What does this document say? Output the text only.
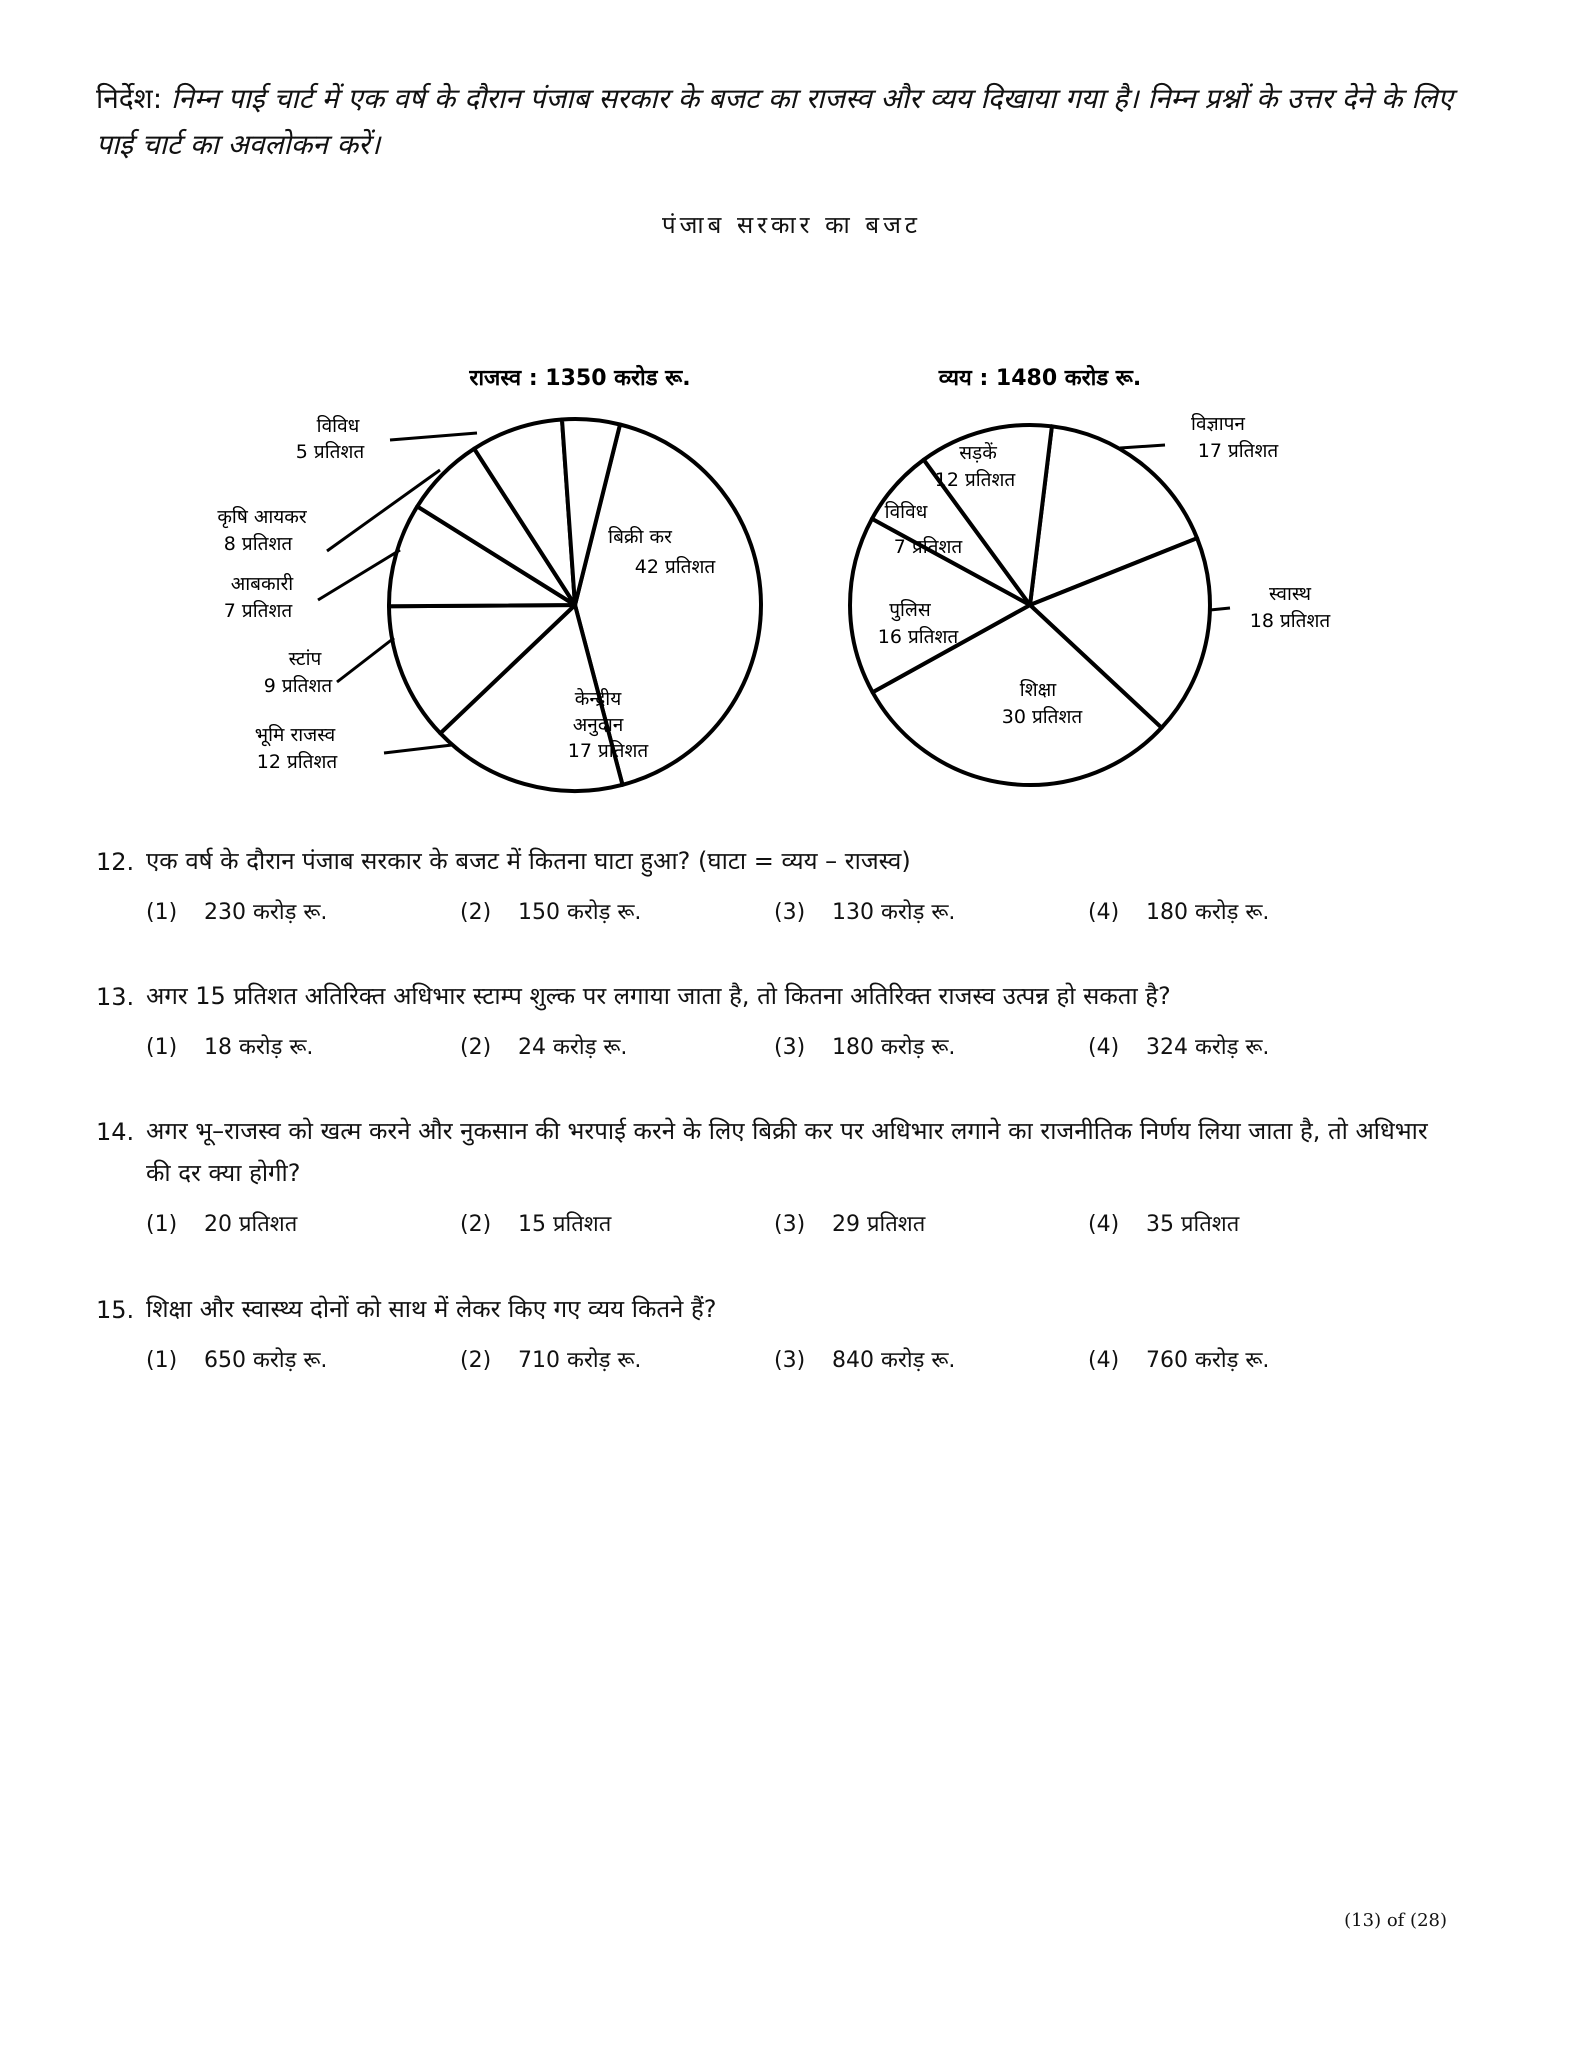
निर्देश: निम्न पाई चार्ट में एक वर्ष के दौरान पंजाब सरकार के बजट का राजस्व और व्यय दिखाया गया है। निम्न प्रश्नों के उत्तर देने के लिए पाई चार्ट का अवलोकन करें।
पंजाब सरकार का बजट
राजस्व : 1350 करोड रू.	व्यय : 1480 करोड रू.
बिक्री कर
42 प्रतिशत
केन्द्रीय
अनुदान
17 प्रतिशत
विविध
5 प्रतिशत
कृषि आयकर
8 प्रतिशत
आबकारी
7 प्रतिशत
स्टांप
9 प्रतिशत
भूमि राजस्व
12 प्रतिशत
विज्ञापन
17 प्रतिशत
स्वास्थ
18 प्रतिशत
शिक्षा
30 प्रतिशत
पुलिस
16 प्रतिशत
विविध
7 प्रतिशत
सड़कें
12 प्रतिशत
12. एक वर्ष के दौरान पंजाब सरकार के बजट में कितना घाटा हुआ? (घाटा = व्यय – राजस्व)
(1) 230 करोड़ रू.	(2) 150 करोड़ रू.	(3) 130 करोड़ रू.	(4) 180 करोड़ रू.
13. अगर 15 प्रतिशत अतिरिक्त अधिभार स्टाम्प शुल्क पर लगाया जाता है, तो कितना अतिरिक्त राजस्व उत्पन्न हो सकता है?
(1) 18 करोड़ रू.	(2) 24 करोड़ रू.	(3) 180 करोड़ रू.	(4) 324 करोड़ रू.
14. अगर भू–राजस्व को खत्म करने और नुकसान की भरपाई करने के लिए बिक्री कर पर अधिभार लगाने का राजनीतिक निर्णय लिया जाता है, तो अधिभार की दर क्या होगी?
(1) 20 प्रतिशत	(2) 15 प्रतिशत	(3) 29 प्रतिशत	(4) 35 प्रतिशत
15. शिक्षा और स्वास्थ्य दोनों को साथ में लेकर किए गए व्यय कितने हैं?
(1) 650 करोड़ रू.	(2) 710 करोड़ रू.	(3) 840 करोड़ रू.	(4) 760 करोड़ रू.
(13) of (28)
